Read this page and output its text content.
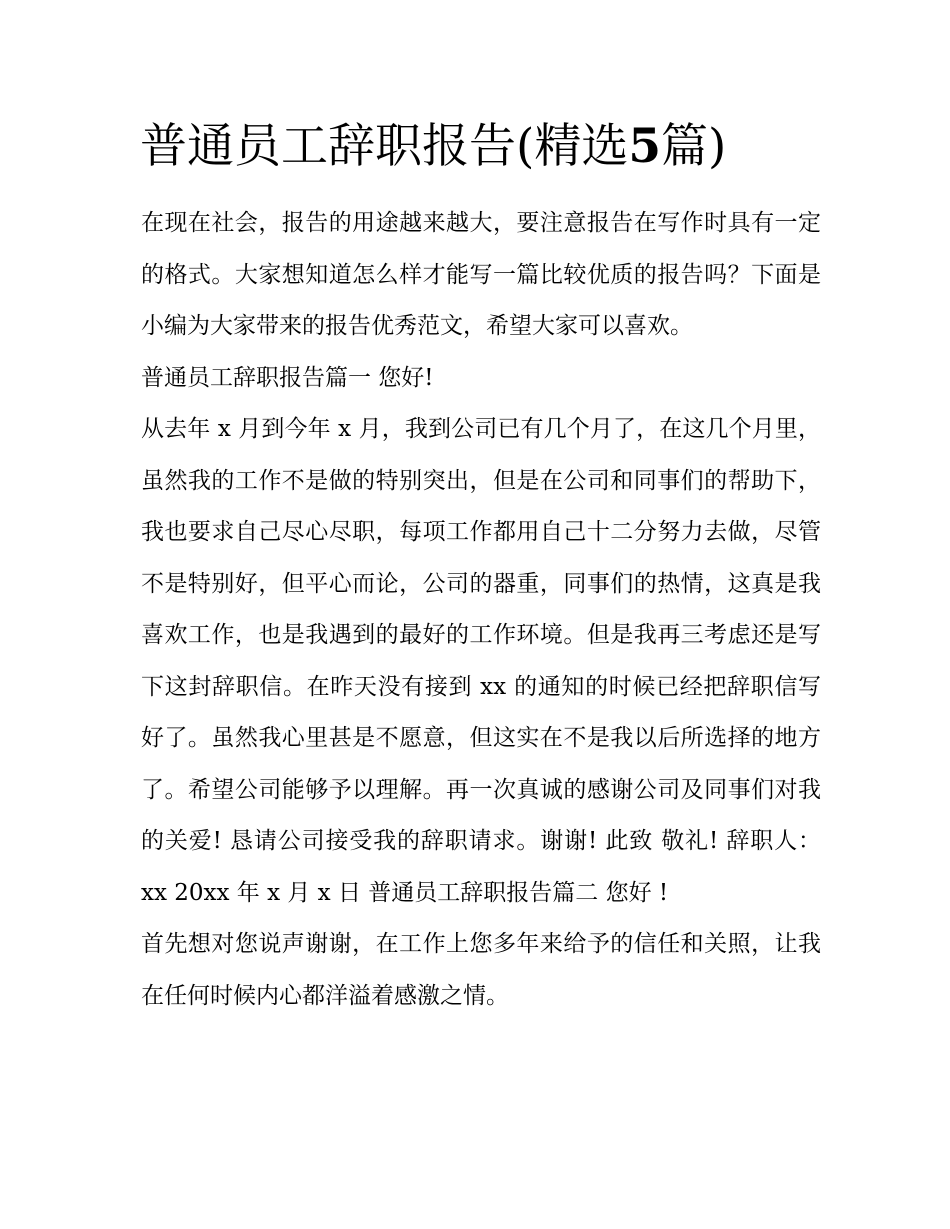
普通员工辞职报告(精选5篇)

在现在社会，报告的用途越来越大，要注意报告在写作时具有一定的格式。大家想知道怎么样才能写一篇比较优质的报告吗？下面是小编为大家带来的报告优秀范文，希望大家可以喜欢。

普通员工辞职报告篇一 您好!

从去年 x 月到今年 x 月，我到公司已有几个月了，在这几个月里，虽然我的工作不是做的特别突出，但是在公司和同事们的帮助下，我也要求自己尽心尽职，每项工作都用自己十二分努力去做，尽管不是特别好，但平心而论，公司的器重，同事们的热情，这真是我喜欢工作，也是我遇到的最好的工作环境。但是我再三考虑还是写下这封辞职信。在昨天没有接到 xx 的通知的时候已经把辞职信写好了。虽然我心里甚是不愿意，但这实在不是我以后所选择的地方了。希望公司能够予以理解。再一次真诚的感谢公司及同事们对我的关爱! 恳请公司接受我的辞职请求。谢谢! 此致 敬礼! 辞职人：xx 20xx 年 x 月 x 日 普通员工辞职报告篇二 您好 !

首先想对您说声谢谢，在工作上您多年来给予的信任和关照，让我在任何时候内心都洋溢着感激之情。
